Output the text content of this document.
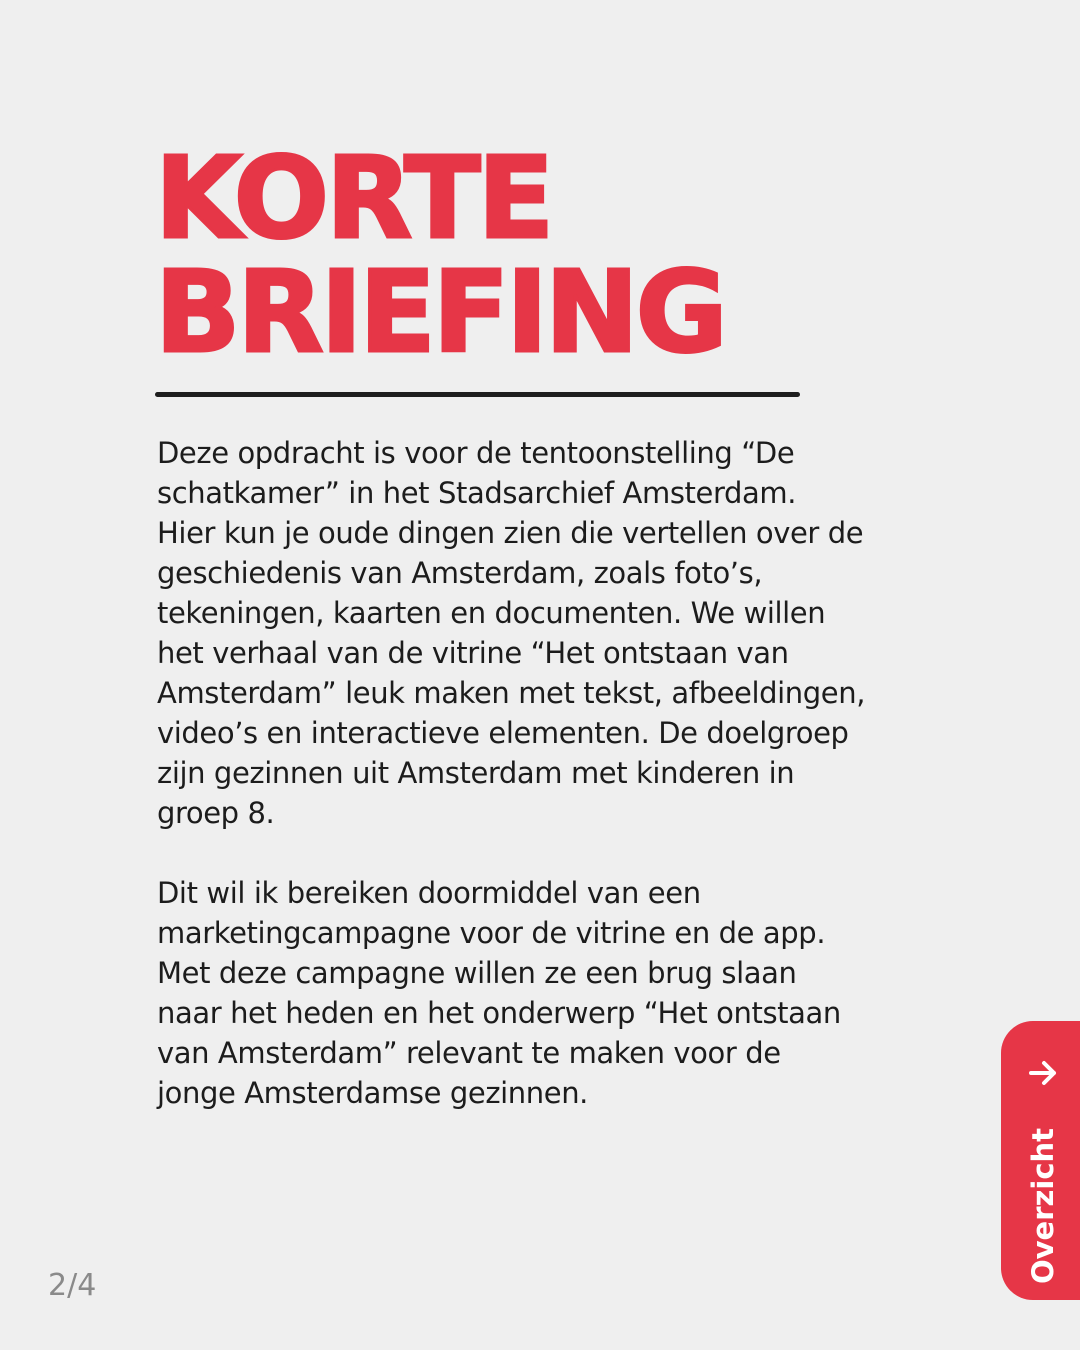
KORTE
BRIEFING

Deze opdracht is voor de tentoonstelling “De
schatkamer” in het Stadsarchief Amsterdam.
Hier kun je oude dingen zien die vertellen over de
geschiedenis van Amsterdam, zoals foto’s,
tekeningen, kaarten en documenten. We willen
het verhaal van de vitrine “Het ontstaan van
Amsterdam” leuk maken met tekst, afbeeldingen,
video’s en interactieve elementen. De doelgroep
zijn gezinnen uit Amsterdam met kinderen in
groep 8.

Dit wil ik bereiken doormiddel van een
marketingcampagne voor de vitrine en de app.
Met deze campagne willen ze een brug slaan
naar het heden en het onderwerp “Het ontstaan
van Amsterdam” relevant te maken voor de
jonge Amsterdamse gezinnen.

2/4
Overzicht
